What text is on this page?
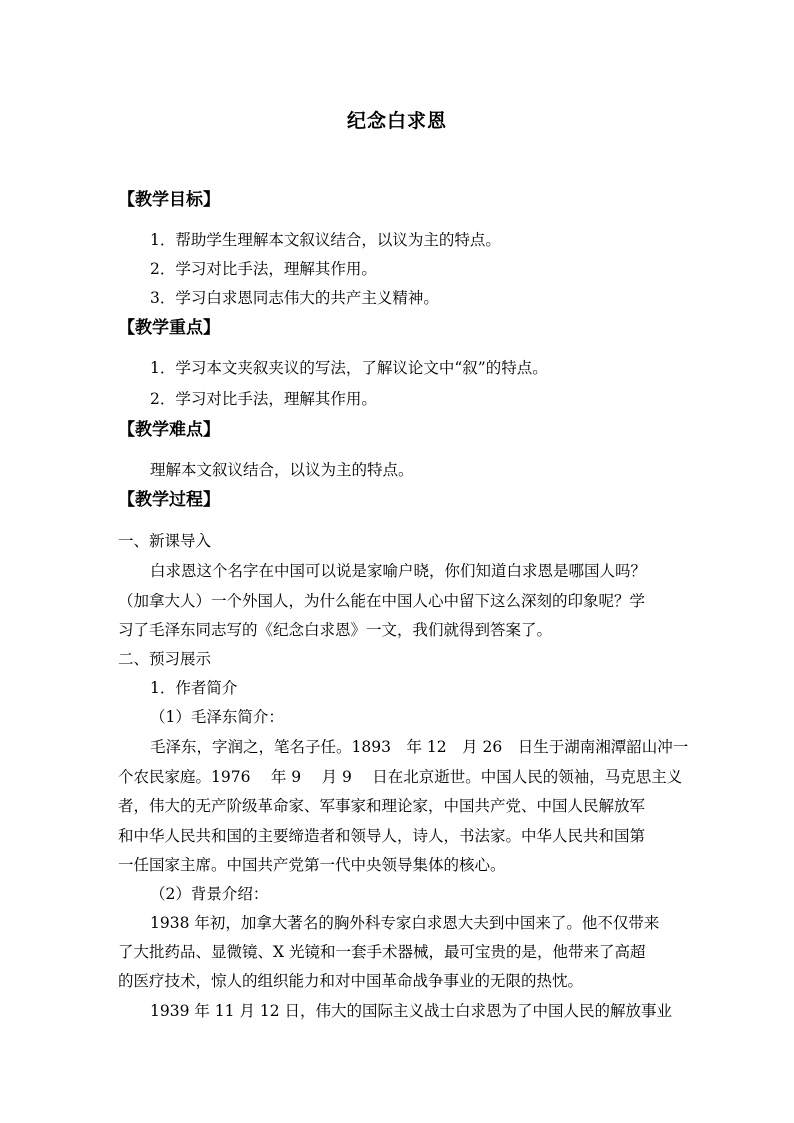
纪念白求恩
【教学目标】
1．帮助学生理解本文叙议结合，以议为主的特点。
2．学习对比手法，理解其作用。
3．学习白求恩同志伟大的共产主义精神。
【教学重点】
1．学习本文夹叙夹议的写法，了解议论文中“叙”的特点。
2．学习对比手法，理解其作用。
【教学难点】
理解本文叙议结合，以议为主的特点。
【教学过程】
一、新课导入
白求恩这个名字在中国可以说是家喻户晓，你们知道白求恩是哪国人吗？
（加拿大人）一个外国人，为什么能在中国人心中留下这么深刻的印象呢？学
习了毛泽东同志写的《纪念白求恩》一文，我们就得到答案了。
二、预习展示
1．作者简介
（1）毛泽东简介：
毛泽东，字润之，笔名子任。1893　年 12　月 26　日生于湖南湘潭韶山冲一
个农民家庭。1976　 年 9　 月 9　 日在北京逝世。中国人民的领袖，马克思主义
者，伟大的无产阶级革命家、军事家和理论家，中国共产党、中国人民解放军
和中华人民共和国的主要缔造者和领导人，诗人，书法家。中华人民共和国第
一任国家主席。中国共产党第一代中央领导集体的核心。
（2）背景介绍：
1938 年初，加拿大著名的胸外科专家白求恩大夫到中国来了。他不仅带来
了大批药品、显微镜、X 光镜和一套手术器械，最可宝贵的是，他带来了高超
的医疗技术，惊人的组织能力和对中国革命战争事业的无限的热忱。
1939 年 11 月 12 日，伟大的国际主义战士白求恩为了中国人民的解放事业
